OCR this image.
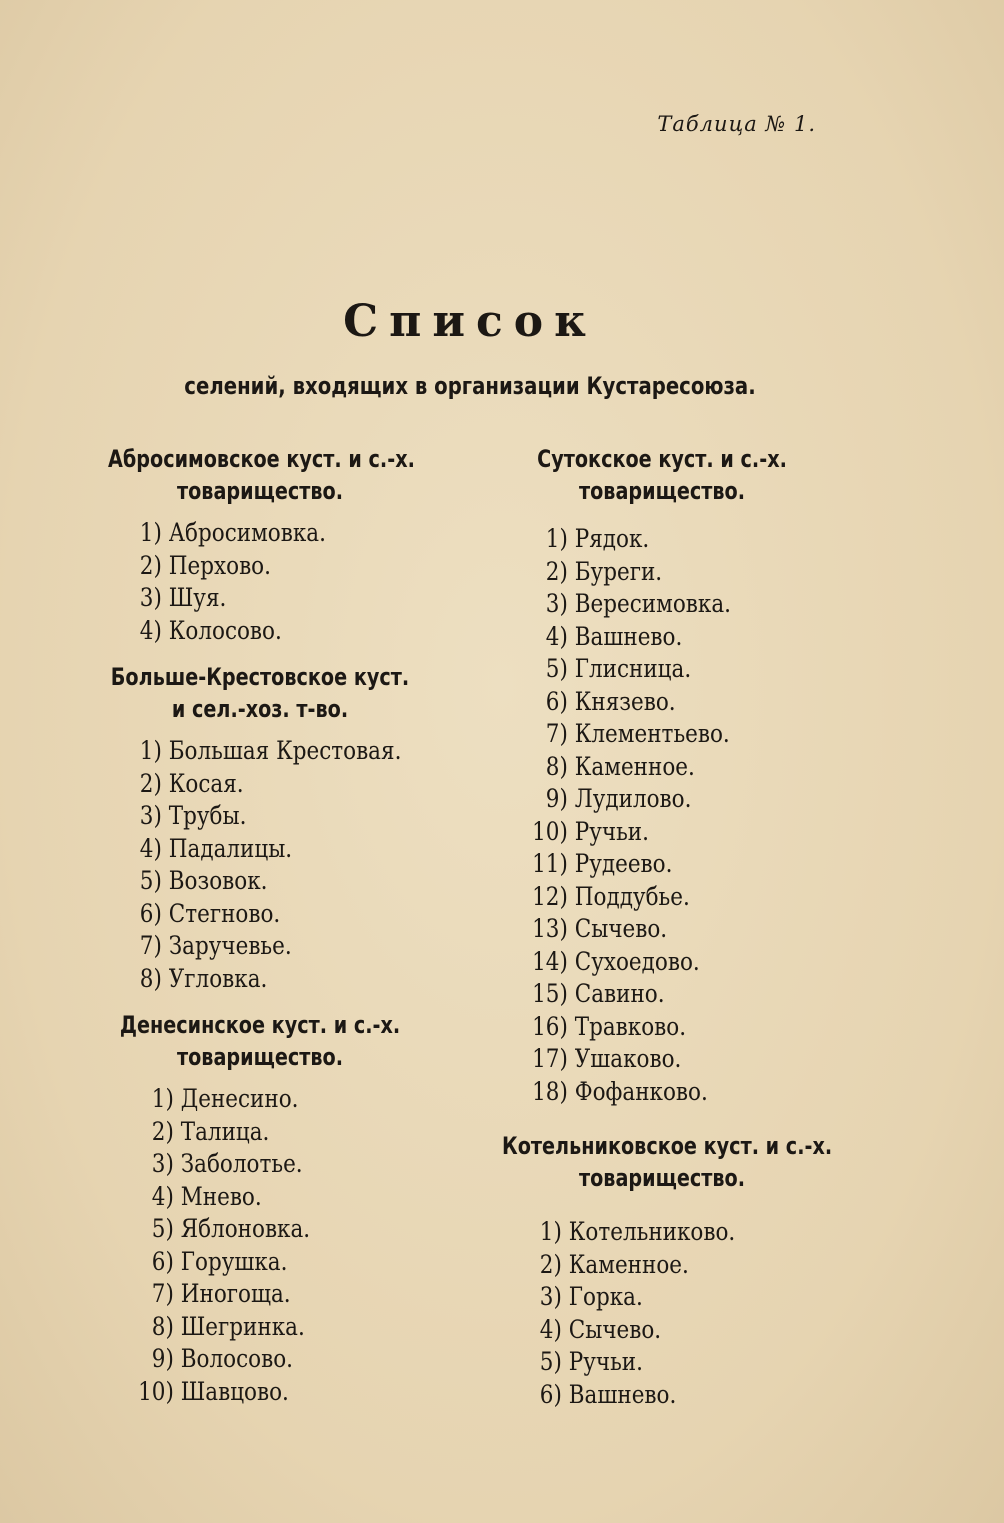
Таблица № 1.
Список
селений, входящих в организации Кустаресоюза.
Абросимовское куст. и с.-х.
товарищество.
1) Абросимовка.
2) Перхово.
3) Шуя.
4) Колосово.
Больше-Крестовское куст.
и сел.-хоз. т-во.
1) Большая Крестовая.
2) Косая.
3) Трубы.
4) Падалицы.
5) Возовок.
6) Стегново.
7) Заручевье.
8) Угловка.
Денесинское куст. и с.-х.
товарищество.
1) Денесино.
2) Талица.
3) Заболотье.
4) Мнево.
5) Яблоновка.
6) Горушка.
7) Иногоща.
8) Шегринка.
9) Волосово.
10) Шавцово.
Сутокское куст. и с.-х.
товарищество.
1) Рядок.
2) Буреги.
3) Вересимовка.
4) Вашнево.
5) Глисница.
6) Князево.
7) Клементьево.
8) Каменное.
9) Лудилово.
10) Ручьи.
11) Рудеево.
12) Поддубье.
13) Сычево.
14) Сухоедово.
15) Савино.
16) Травково.
17) Ушаково.
18) Фофанково.
Котельниковское куст. и с.-х.
товарищество.
1) Котельниково.
2) Каменное.
3) Горка.
4) Сычево.
5) Ручьи.
6) Вашнево.
